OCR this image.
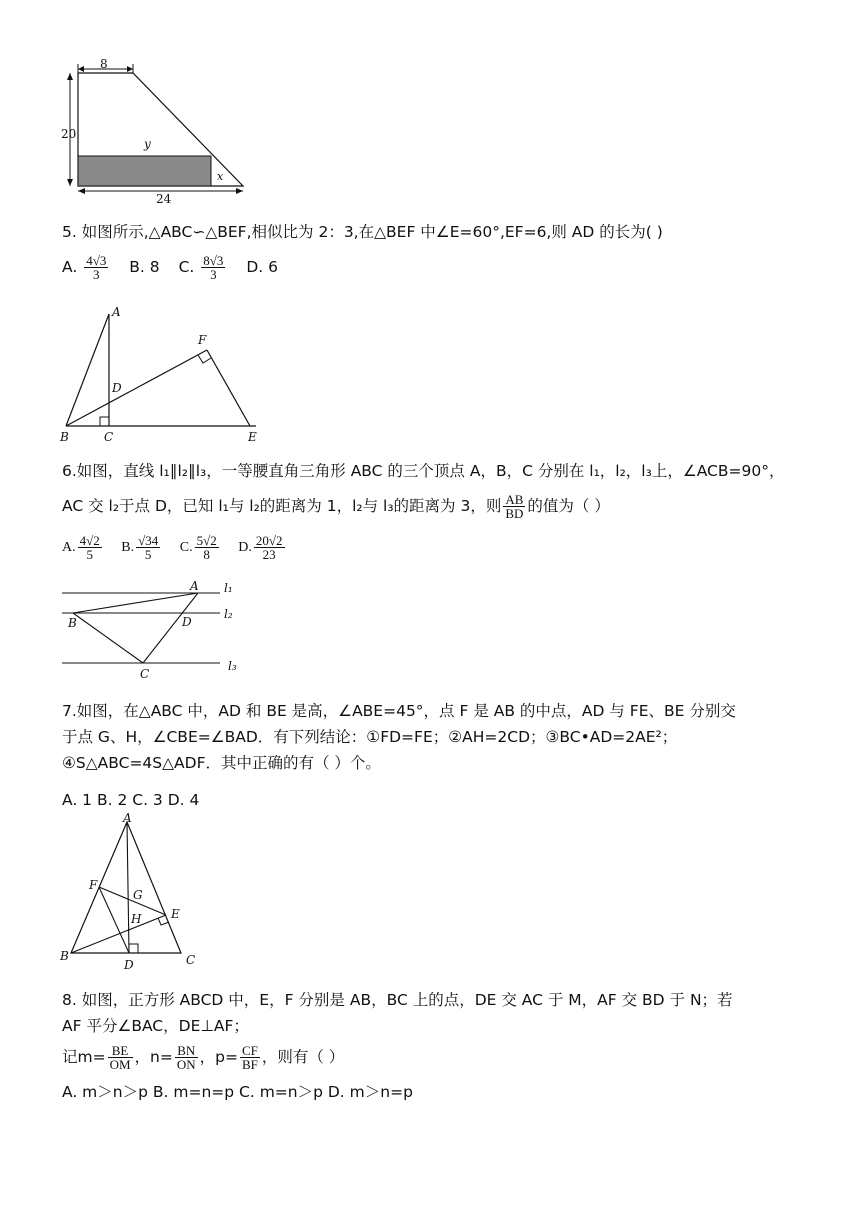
8
20
24
y
x
5. 如图所示,△ABC∽△BEF,相似比为 2：3,在△BEF 中∠E=60°,EF=6,则 AD 的长为( )
A. $\frac{4√3}{3} B$. 8 C. $\frac{8√3}{3} D$. 6
A
B	C
D
E
F
6.如图，直线 l₁∥l₂∥l₃，一等腰直角三角形 ABC 的三个顶点 A，B，C 分别在 l₁，l₂，l₃上，∠ACB=90°，
AC 交 l₂于点 D，已知 l₁与 l₂的距离为 1，l₂与 l₃的距离为 3，则 $\frac{AB}{BD}$ 的值为（ ）
A. $\frac{4√2}{5} B$. $\frac{√34}{5} C$. $\frac{5√2}{8} D$. $\frac{20√2}{23}$
A
B
C
D
l₁
l₂
l₃
7.如图，在△ABC 中，AD 和 BE 是高，∠ABE=45°，点 F 是 AB 的中点，AD 与 FE、BE 分别交
于点 G、H，∠CBE=∠BAD．有下列结论：①FD=FE；②AH=2CD；③BC•AD=2AE²；
④S△ABC=4S△ADF．其中正确的有（ ）个。
A. 1 B. 2 C. 3 D. 4
A
B	C
D
E
F
G
H
8. 如图，正方形 ABCD 中，E，F 分别是 AB，BC 上的点，DE 交 AC 于 M，AF 交 BD 于 N；若
AF 平分∠BAC，DE⊥AF；
记$m= \frac{BE}{OM}$ ，$n= \frac{BN}{ON}$ ，$p= \frac{CF}{BF}$ ，则有（ ）
A. m＞n＞p B. m=n=p C. m=n＞p D. m＞n=p
